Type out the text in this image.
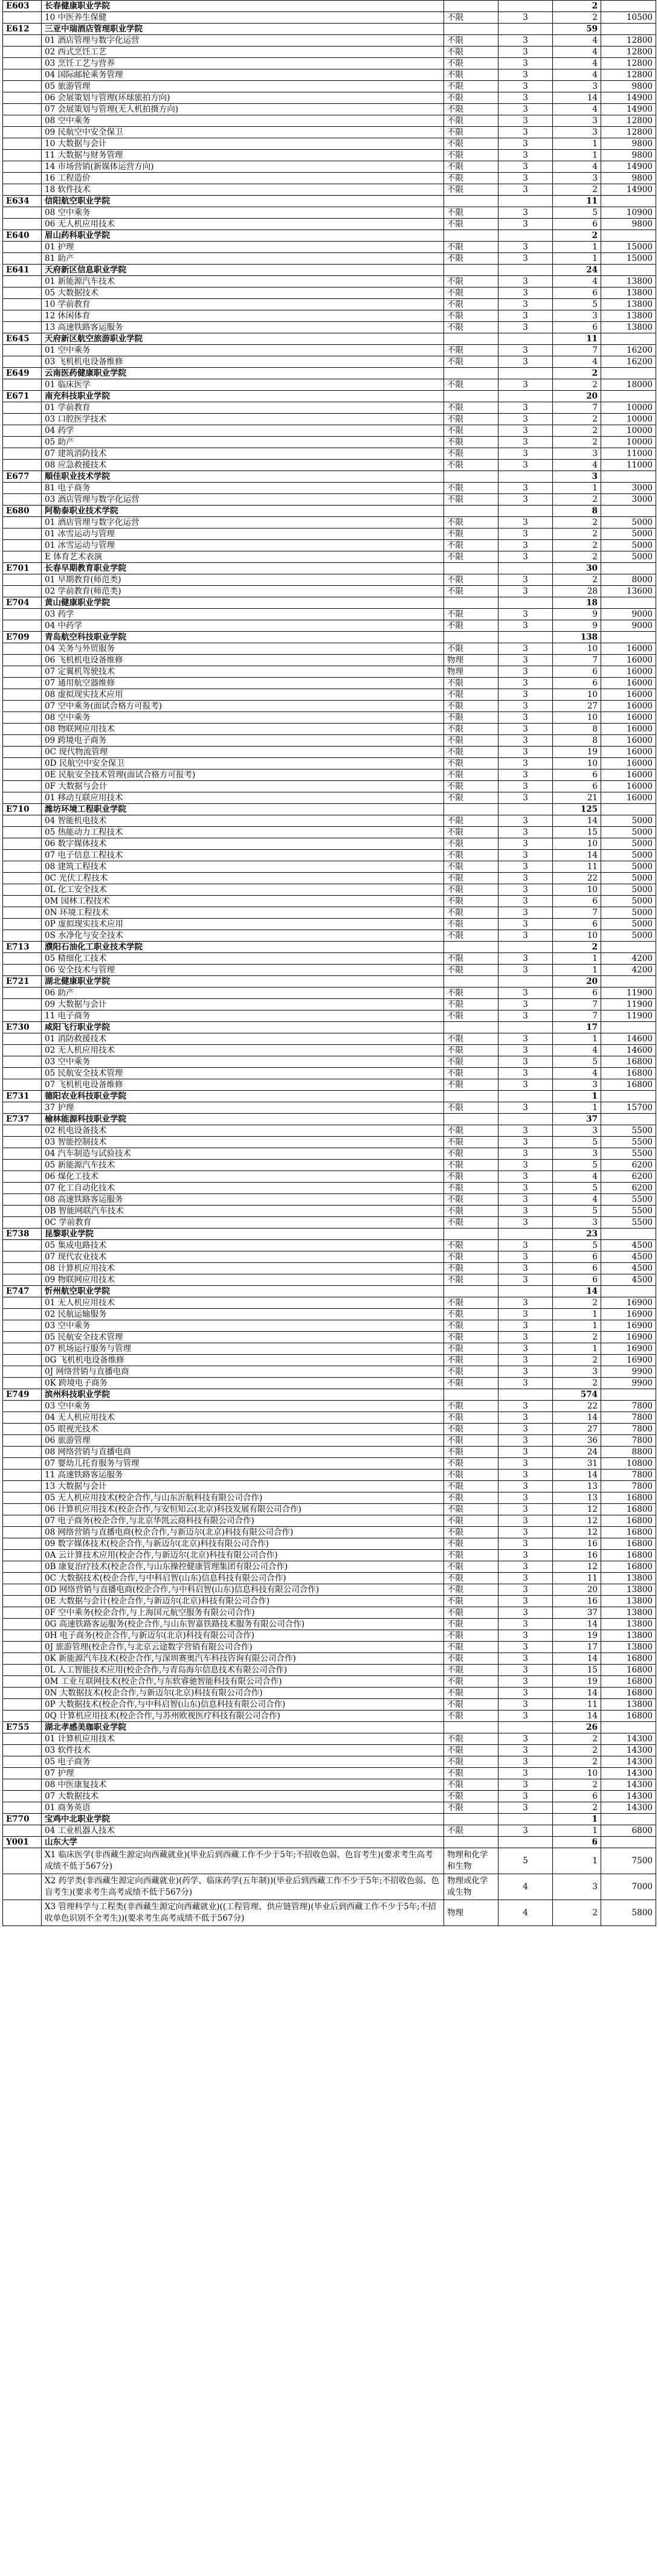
E603	长春健康职业学院			2	
	10 中医养生保健	不限	3	2	10500
E612	三亚中瑞酒店管理职业学院			59	
	01 酒店管理与数字化运营	不限	3	4	12800
	02 西式烹饪工艺	不限	3	4	12800
	03 烹饪工艺与营养	不限	3	4	12800
	04 国际邮轮乘务管理	不限	3	4	12800
	05 旅游管理	不限	3	3	9800
	06 会展策划与管理(环球旅拍方向)	不限	3	14	14900
	07 会展策划与管理(无人机拍摄方向)	不限	3	4	14900
	08 空中乘务	不限	3	3	12800
	09 民航空中安全保卫	不限	3	3	12800
	10 大数据与会计	不限	3	1	9800
	11 大数据与财务管理	不限	3	1	9800
	14 市场营销(新媒体运营方向)	不限	3	4	14900
	16 工程造价	不限	3	3	9800
	18 软件技术	不限	3	2	14900
E634	信阳航空职业学院			11	
	08 空中乘务	不限	3	5	10900
	06 无人机应用技术	不限	3	6	9800
E640	眉山药科职业学院			2	
	01 护理	不限	3	1	15000
	81 助产	不限	3	1	15000
E641	天府新区信息职业学院			24	
	01 新能源汽车技术	不限	3	4	13800
	05 大数据技术	不限	3	6	13800
	10 学前教育	不限	3	5	13800
	12 休闲体育	不限	3	3	13800
	13 高速铁路客运服务	不限	3	6	13800
E645	天府新区航空旅游职业学院			11	
	01 空中乘务	不限	3	7	16200
	03 飞机机电设备维修	不限	3	4	16200
E649	云南医药健康职业学院			2	
	01 临床医学	不限	3	2	18000
E671	南充科技职业学院			20	
	01 学前教育	不限	3	7	10000
	03 口腔医学技术	不限	3	2	10000
	04 药学	不限	3	2	10000
	05 助产	不限	3	2	10000
	07 建筑消防技术	不限	3	3	11000
	08 应急救援技术	不限	3	4	11000
E677	順佳职业技术学院			3	
	81 电子商务	不限	3	1	3000
	03 酒店管理与数字化运营	不限	3	2	3000
E680	阿勒泰职业技术学院			8	
	01 酒店管理与数字化运营	不限	3	2	5000
	01 冰雪运动与管理	不限	3	2	5000
	01 冰雪运动与管理	不限	3	2	5000
	E 体育艺术表演	不限	3	2	5000
E701	长春早期教育职业学院			30	
	01 早期教育(师范类)	不限	3	2	8000
	02 学前教育(师范类)	不限	3	28	13600
E704	黄山健康职业学院			18	
	03 药学	不限	3	9	9000
	04 中药学	不限	3	9	9000
E709	青岛航空科技职业学院			138	
	04 关务与外贸服务	不限	3	10	16000
	06 飞机机电设备维修	物理	3	7	16000
	07 定翼机驾驶技术	物理	3	6	16000
	07 通用航空器维修	不限	3	6	16000
	08 虚拟现实技术应用	不限	3	10	16000
	07 空中乘务(面试合格方可报考)	不限	3	27	16000
	08 空中乘务	不限	3	10	16000
	08 物联网应用技术	不限	3	8	16000
	09 跨境电子商务	不限	3	8	16000
	0C 现代物流管理	不限	3	19	16000
	0D 民航空中安全保卫	不限	3	10	16000
	0E 民航安全技术管理(面试合格方可报考)	不限	3	6	16000
	0F 大数据与会计	不限	3	6	16000
	01 移动互联应用技术	不限	3	21	16000
E710	潍坊环境工程职业学院			125	
	04 智能机电技术	不限	3	14	5000
	05 热能动力工程技术	不限	3	15	5000
	06 数字媒体技术	不限	3	10	5000
	07 电子信息工程技术	不限	3	14	5000
	08 建筑工程技术	不限	3	11	5000
	0C 光伏工程技术	不限	3	22	5000
	0L 化工安全技术	不限	3	10	5000
	0M 园林工程技术	不限	3	6	5000
	0N 环境工程技术	不限	3	7	5000
	0P 虚拟现实技术应用	不限	3	6	5000
	0S 水净化与安全技术	不限	3	10	5000
E713	濮阳石油化工职业技术学院			2	
	05 精细化工技术	不限	3	1	4200
	06 安全技术与管理	不限	3	1	4200
E721	湖北健康职业学院			20	
	06 助产	不限	3	6	11900
	09 大数据与会计	不限	3	7	11900
	11 电子商务	不限	3	7	11900
E730	咸阳飞行职业学院			17	
	01 消防救援技术	不限	3	1	14600
	02 无人机应用技术	不限	3	4	14600
	03 空中乘务	不限	3	5	16800
	05 民航安全技术管理	不限	3	4	16800
	07 飞机机电设备维修	不限	3	3	16800
E731	德阳农业科技职业学院			1	
	37 护理	不限	3	1	15700
E737	榆林能源科技职业学院			37	
	02 机电设备技术	不限	3	3	5500
	03 智能控制技术	不限	3	5	5500
	04 汽车制造与试验技术	不限	3	3	5500
	05 新能源汽车技术	不限	3	5	6200
	06 煤化工技术	不限	3	4	6200
	07 化工自动化技术	不限	3	5	6200
	08 高速铁路客运服务	不限	3	4	5500
	0B 智能网联汽车技术	不限	3	5	5500
	0C 学前教育	不限	3	3	5500
E738	昆黎职业学院			23	
	05 集成电路技术	不限	3	5	4500
	07 现代农业技术	不限	3	6	4500
	08 计算机应用技术	不限	3	6	4500
	09 物联网应用技术	不限	3	6	4500
E747	忻州航空职业学院			14	
	01 无人机应用技术	不限	3	2	16900
	02 民航运输服务	不限	3	1	16900
	03 空中乘务	不限	3	1	16900
	05 民航安全技术管理	不限	3	2	16900
	07 机场运行服务与管理	不限	3	1	16900
	0G 飞机机电设备维修	不限	3	2	16900
	0J 网络营销与直播电商	不限	3	3	9900
	0K 跨境电子商务	不限	3	2	9900
E749	滨州科技职业学院			574	
	03 空中乘务	不限	3	22	7800
	04 无人机应用技术	不限	3	14	7800
	05 眼视光技术	不限	3	27	7800
	06 旅游管理	不限	3	36	7800
	08 网络营销与直播电商	不限	3	24	8800
	07 婴幼儿托育服务与管理	不限	3	31	10800
	11 高速铁路客运服务	不限	3	14	7800
	13 大数据与会计	不限	3	13	7800
	05 无人机应用技术(校企合作,与山东沂航科技有限公司合作)	不限	3	13	16800
	06 计算机应用技术(校企合作,与安恒知云(北京)科技发展有限公司合作)	不限	3	12	16800
	07 电子商务(校企合作,与北京华凯云商科技有限公司合作)	不限	3	12	16800
	08 网络营销与直播电商(校企合作,与新迈尔(北京)科技有限公司合作)	不限	3	12	16800
	09 数字媒体技术(校企合作,与新迈尔(北京)科技有限公司合作)	不限	3	16	16800
	0A 云计算技术应用(校企合作,与新迈尔(北京)科技有限公司合作)	不限	3	16	16800
	0B 康复治疗技术(校企合作,与山东操控健康管理集团有限公司合作)	不限	3	12	16800
	0C 大数据技术(校企合作,与中科启智(山东)信息科技有限公司合作)	不限	3	11	13800
	0D 网络营销与直播电商(校企合作,与中科启智(山东)信息科技有限公司合作)	不限	3	20	13800
	0E 大数据与会计(校企合作,与新迈尔(北京)科技有限公司合作)	不限	3	16	13800
	0F 空中乘务(校企合作,与上海国元航空服务有限公司合作)	不限	3	37	13800
	0G 高速铁路客运服务(校企合作,与山东智嘉铁路技术服务有限公司合作)	不限	3	14	13800
	0H 电子商务(校企合作,与新迈尔(北京)科技有限公司合作)	不限	3	19	13800
	0J 旅游管理(校企合作,与北京云途数字营销有限公司合作)	不限	3	17	13800
	0K 新能源汽车技术(校企合作,与深圳赛奥汽车科技咨询有限公司合作)	不限	3	14	16800
	0L 人工智能技术应用(校企合作,与青岛海尔信息技术有限公司合作)	不限	3	15	16800
	0M 工业互联网技术(校企合作,与东软睿驰智能科技有限公司合作)	不限	3	19	16800
	0N 大数据技术(校企合作,与新迈尔(北京)科技有限公司合作)	不限	3	14	16800
	0P 大数据技术(校企合作,与中科启智(山东)信息科技有限公司合作)	不限	3	11	13800
	0Q 计算机应用技术(校企合作,与苏州欧视医疗科技有限公司合作)	不限	3	14	16800
E755	湖北孝感美珈职业学院			26	
	01 计算机应用技术	不限	3	2	14300
	03 软件技术	不限	3	2	14300
	05 电子商务	不限	3	2	14300
	07 护理	不限	3	10	14300
	08 中医康复技术	不限	3	2	14300
	07 大数据技术	不限	3	6	14300
	01 商务英语	不限	3	2	14300
E770	宝鸡中北职业学院			1	
	04 工业机器人技术	不限	3	1	6800
Y001	山东大学			6	
	X1 临床医学(非西藏生源定向西藏就业)(毕业后到西藏工作不少于5年;不招收色弱、色盲考生)(要求考生高考成绩不低于567分)	物理和化学和生物	5	1	7500
	X2 药学类(非西藏生源定向西藏就业)(药学、临床药学(五年制))(毕业后到西藏工作不少于5年;不招收色弱、色盲考生)(要求考生高考成绩不低于567分)	物理或化学或生物	4	3	7000
	X3 管理科学与工程类(非西藏生源定向西藏就业)((工程管理、供应链管理)(毕业后到西藏工作不少于5年;不招收单色识别不全考生))(要求考生高考成绩不低于567分)	物理	4	2	5800
